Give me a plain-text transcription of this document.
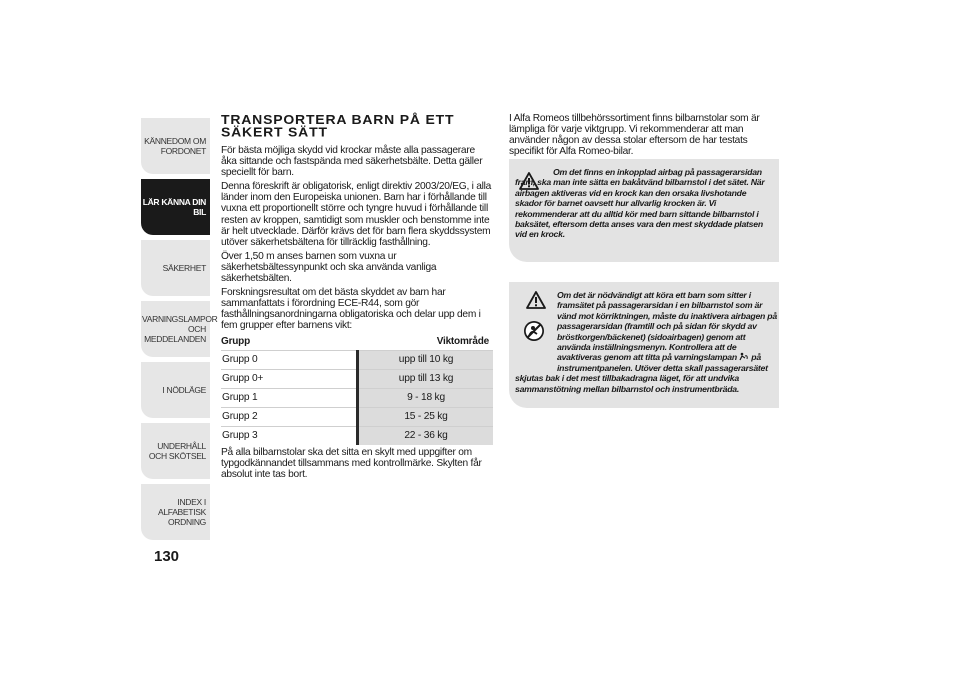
KÄNNEDOM OM FORDONET
LÄR KÄNNA DIN BIL
SÄKERHET
VARNINGSLAMPOR OCH MEDDELANDEN
I NÖDLÄGE
UNDERHÅLL OCH SKÖTSEL
INDEX I ALFABETISK ORDNING
130
TRANSPORTERA BARN PÅ ETT
SÄKERT SÄTT

För bästa möjliga skydd vid krockar måste alla passagerare åka sittande och fastspända med säkerhetsbälte. Detta gäller speciellt för barn.

Denna föreskrift är obligatorisk, enligt direktiv 2003/20/EG, i alla länder inom den Europeiska unionen. Barn har i förhållande till vuxna ett proportionellt större och tyngre huvud i förhållande till resten av kroppen, samtidigt som muskler och benstomme inte är helt utvecklade. Därför krävs det för barn flera skyddssystem utöver säkerhetsbältena för tillräcklig fasthållning.

Över 1,50 m anses barnen som vuxna ur säkerhetsbältessynpunkt och ska använda vanliga säkerhetsbälten.

Forskningsresultat om det bästa skyddet av barn har sammanfattats i förordning ECE-R44, som gör fasthållningsanordningarna obligatoriska och delar upp dem i fem grupper efter barnens vikt:

Grupp	Viktområde
Grupp 0	upp till 10 kg
Grupp 0+	upp till 13 kg
Grupp 1	9 - 18 kg
Grupp 2	15 - 25 kg
Grupp 3	22 - 36 kg

På alla bilbarnstolar ska det sitta en skylt med uppgifter om typgodkännandet tillsammans med kontrollmärke. Skylten får absolut inte tas bort.

I Alfa Romeos tillbehörssortiment finns bilbarnstolar som är lämpliga för varje viktgrupp. Vi rekommenderar att man använder någon av dessa stolar eftersom de har testats specifikt för Alfa Romeo-bilar.

Om det finns en inkopplad airbag på passagerarsidan fram, ska man inte sätta en bakåtvänd bilbarnstol i det sätet. När airbagen aktiveras vid en krock kan den orsaka livshotande skador för barnet oavsett hur allvarlig krocken är. Vi rekommenderar att du alltid kör med barn sittande bilbarnstol i baksätet, eftersom detta anses vara den mest skyddade platsen vid en krock.
Om det är nödvändigt att köra ett barn som sitter i framsätet på passagerarsidan i en bilbarnstol som är vänd mot körriktningen, måste du inaktivera airbagen på passagerarsidan (framtill och på sidan för skydd av bröstkorgen/bäckenet) (sidoairbagen) genom att använda inställningsmenyn. Kontrollera att de avaktiveras genom att titta på varningslampan på instrumentpanelen. Utöver detta skall passagerarsätet skjutas bak i det mest tillbakadragna läget, för att undvika sammanstötning mellan bilbarnstol och instrumentbräda.
